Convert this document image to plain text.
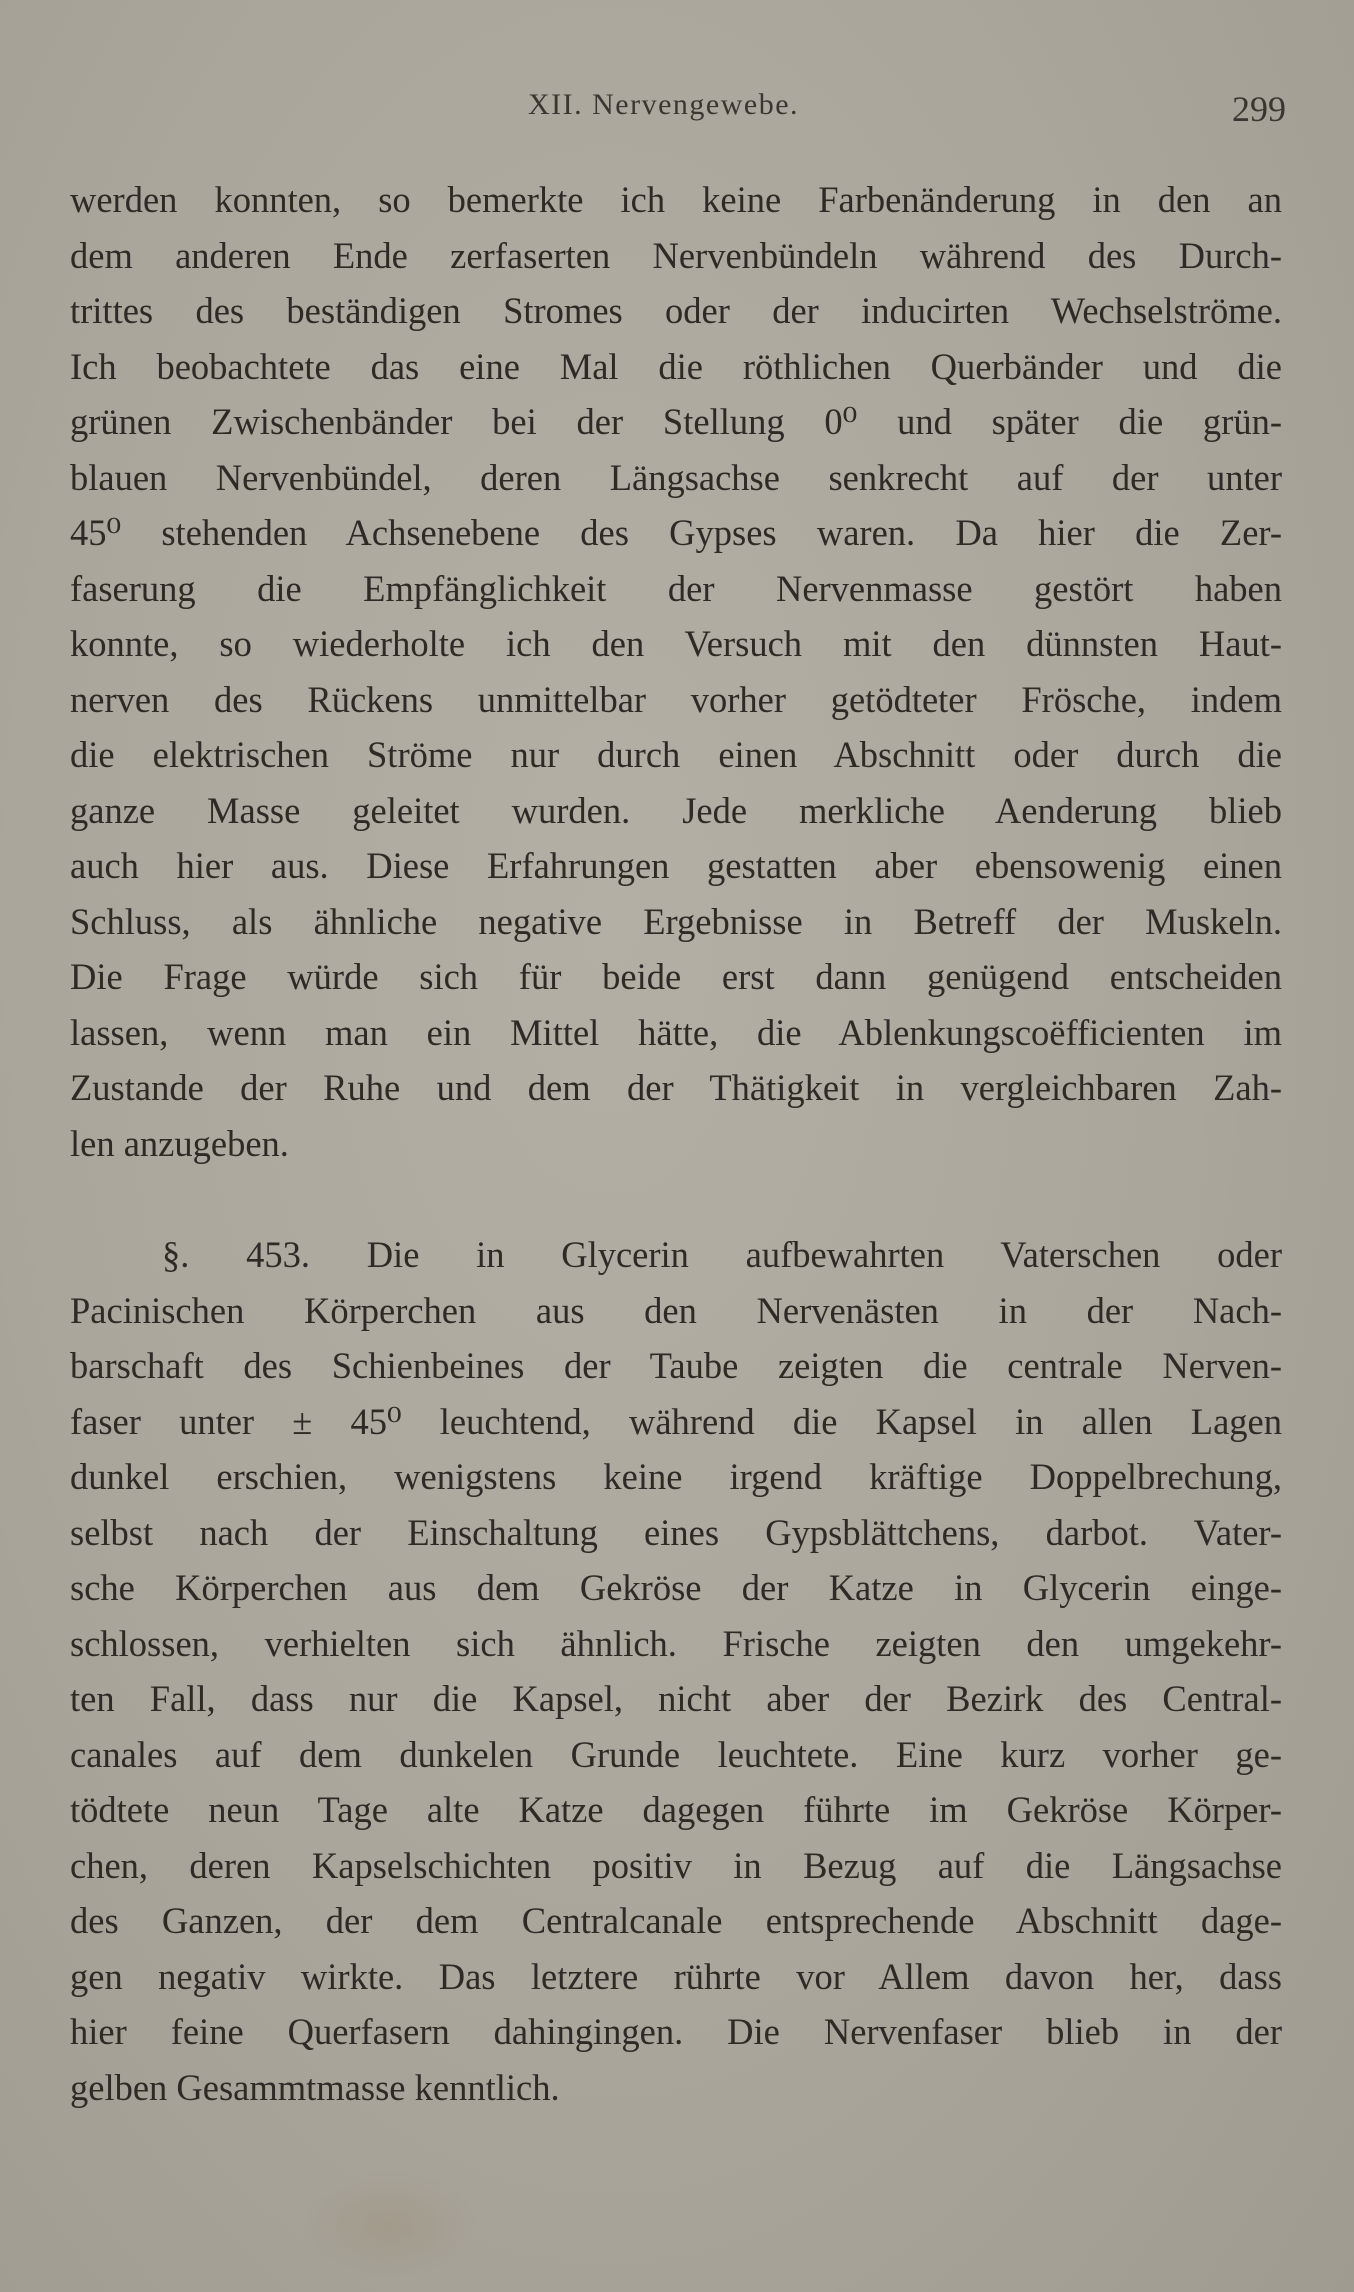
XII. Nervengewebe.	299
werden konnten, so bemerkte ich keine Farbenänderung in den an
dem anderen Ende zerfaserten Nervenbündeln während des Durch-
trittes des beständigen Stromes oder der inducirten Wechselströme.
Ich beobachtete das eine Mal die röthlichen Querbänder und die
grünen Zwischenbänder bei der Stellung 0⁰ und später die grün-
blauen Nervenbündel, deren Längsachse senkrecht auf der unter
45⁰ stehenden Achsenebene des Gypses waren. Da hier die Zer-
faserung die Empfänglichkeit der Nervenmasse gestört haben
konnte, so wiederholte ich den Versuch mit den dünnsten Haut-
nerven des Rückens unmittelbar vorher getödteter Frösche, indem
die elektrischen Ströme nur durch einen Abschnitt oder durch die
ganze Masse geleitet wurden. Jede merkliche Aenderung blieb
auch hier aus. Diese Erfahrungen gestatten aber ebensowenig einen
Schluss, als ähnliche negative Ergebnisse in Betreff der Muskeln.
Die Frage würde sich für beide erst dann genügend entscheiden
lassen, wenn man ein Mittel hätte, die Ablenkungscoëfficienten im
Zustande der Ruhe und dem der Thätigkeit in vergleichbaren Zah-
len anzugeben.
§. 453. Die in Glycerin aufbewahrten Vaterschen oder
Pacinischen Körperchen aus den Nervenästen in der Nach-
barschaft des Schienbeines der Taube zeigten die centrale Nerven-
faser unter ± 45⁰ leuchtend, während die Kapsel in allen Lagen
dunkel erschien, wenigstens keine irgend kräftige Doppelbrechung,
selbst nach der Einschaltung eines Gypsblättchens, darbot. Vater-
sche Körperchen aus dem Gekröse der Katze in Glycerin einge-
schlossen, verhielten sich ähnlich. Frische zeigten den umgekehr-
ten Fall, dass nur die Kapsel, nicht aber der Bezirk des Central-
canales auf dem dunkelen Grunde leuchtete. Eine kurz vorher ge-
tödtete neun Tage alte Katze dagegen führte im Gekröse Körper-
chen, deren Kapselschichten positiv in Bezug auf die Längsachse
des Ganzen, der dem Centralcanale entsprechende Abschnitt dage-
gen negativ wirkte. Das letztere rührte vor Allem davon her, dass
hier feine Querfasern dahingingen. Die Nervenfaser blieb in der
gelben Gesammtmasse kenntlich.
